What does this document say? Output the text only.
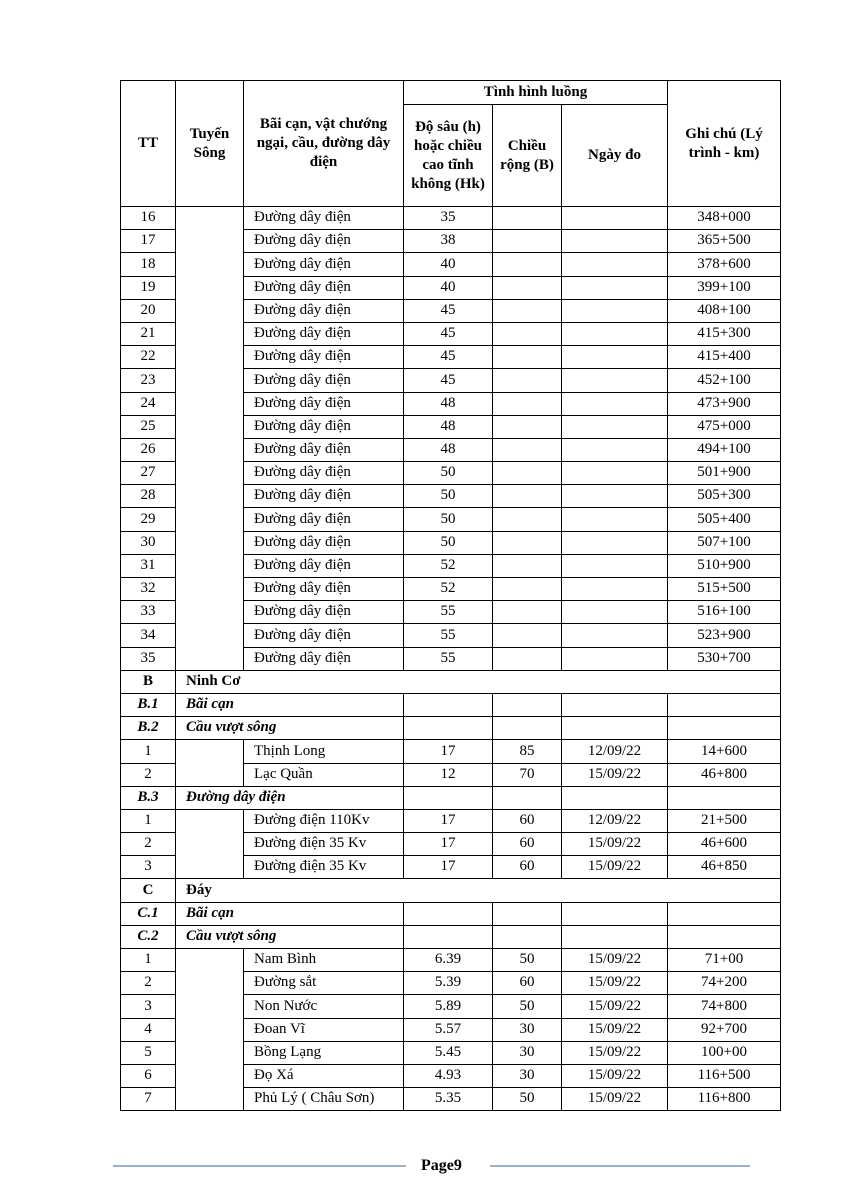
TT	Tuyến Sông	Bãi cạn, vật chướng ngại, cầu, đường dây điện	Tình hình luồng			Ghi chú (Lý trình - km)
			Độ sâu (h) hoặc chiều cao tĩnh không (Hk)	Chiều rộng (B)	Ngày đo	
16		Đường dây điện	35			348+000
17		Đường dây điện	38			365+500
18		Đường dây điện	40			378+600
19		Đường dây điện	40			399+100
20		Đường dây điện	45			408+100
21		Đường dây điện	45			415+300
22		Đường dây điện	45			415+400
23		Đường dây điện	45			452+100
24		Đường dây điện	48			473+900
25		Đường dây điện	48			475+000
26		Đường dây điện	48			494+100
27		Đường dây điện	50			501+900
28		Đường dây điện	50			505+300
29		Đường dây điện	50			505+400
30		Đường dây điện	50			507+100
31		Đường dây điện	52			510+900
32		Đường dây điện	52			515+500
33		Đường dây điện	55			516+100
34		Đường dây điện	55			523+900
35		Đường dây điện	55			530+700
B	Ninh Cơ					
B.1	Bãi cạn					
B.2	Cầu vượt sông					
1		Thịnh Long	17	85	12/09/22	14+600
2		Lạc Quần	12	70	15/09/22	46+800
B.3	Đường dây điện					
1		Đường điện 110Kv	17	60	12/09/22	21+500
2		Đường điện 35 Kv	17	60	15/09/22	46+600
3		Đường điện 35 Kv	17	60	15/09/22	46+850
C	Đáy					
C.1	Bãi cạn					
C.2	Cầu vượt sông					
1		Nam Bình	6.39	50	15/09/22	71+00
2		Đường sắt	5.39	60	15/09/22	74+200
3		Non Nước	5.89	50	15/09/22	74+800
4		Đoan Vĩ	5.57	30	15/09/22	92+700
5		Bồng Lạng	5.45	30	15/09/22	100+00
6		Đọ Xá	4.93	30	15/09/22	116+500
7		Phủ Lý ( Châu Sơn)	5.35	50	15/09/22	116+800
Page9
